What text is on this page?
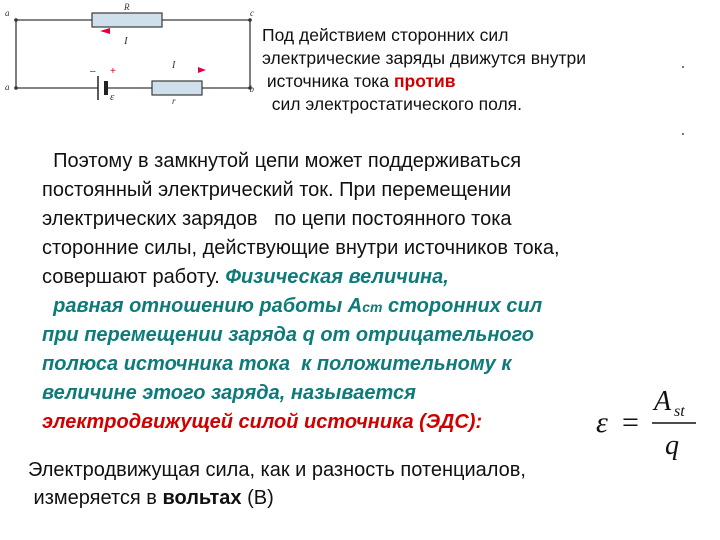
a	c
R
I
– +
I
a
ε	r
b
Под действием сторонних сил
электрические заряды движутся внутри
источника тока против
сил электростатического поля.
Поэтому в замкнутой цепи может поддерживаться
постоянный электрический ток. При перемещении
электрических зарядов   по цепи постоянного тока
сторонние силы, действующие внутри источников тока,
совершают работу. Физическая величина,
равная отношению работы Аст сторонних сил
при перемещении заряда q от отрицательного
полюса источника тока  к положительному к
величине этого заряда, называется
электродвижущей силой источника (ЭДС):	ε =
A st
q
Электродвижущая сила, как и разность потенциалов,
измеряется в вольтах (В)
